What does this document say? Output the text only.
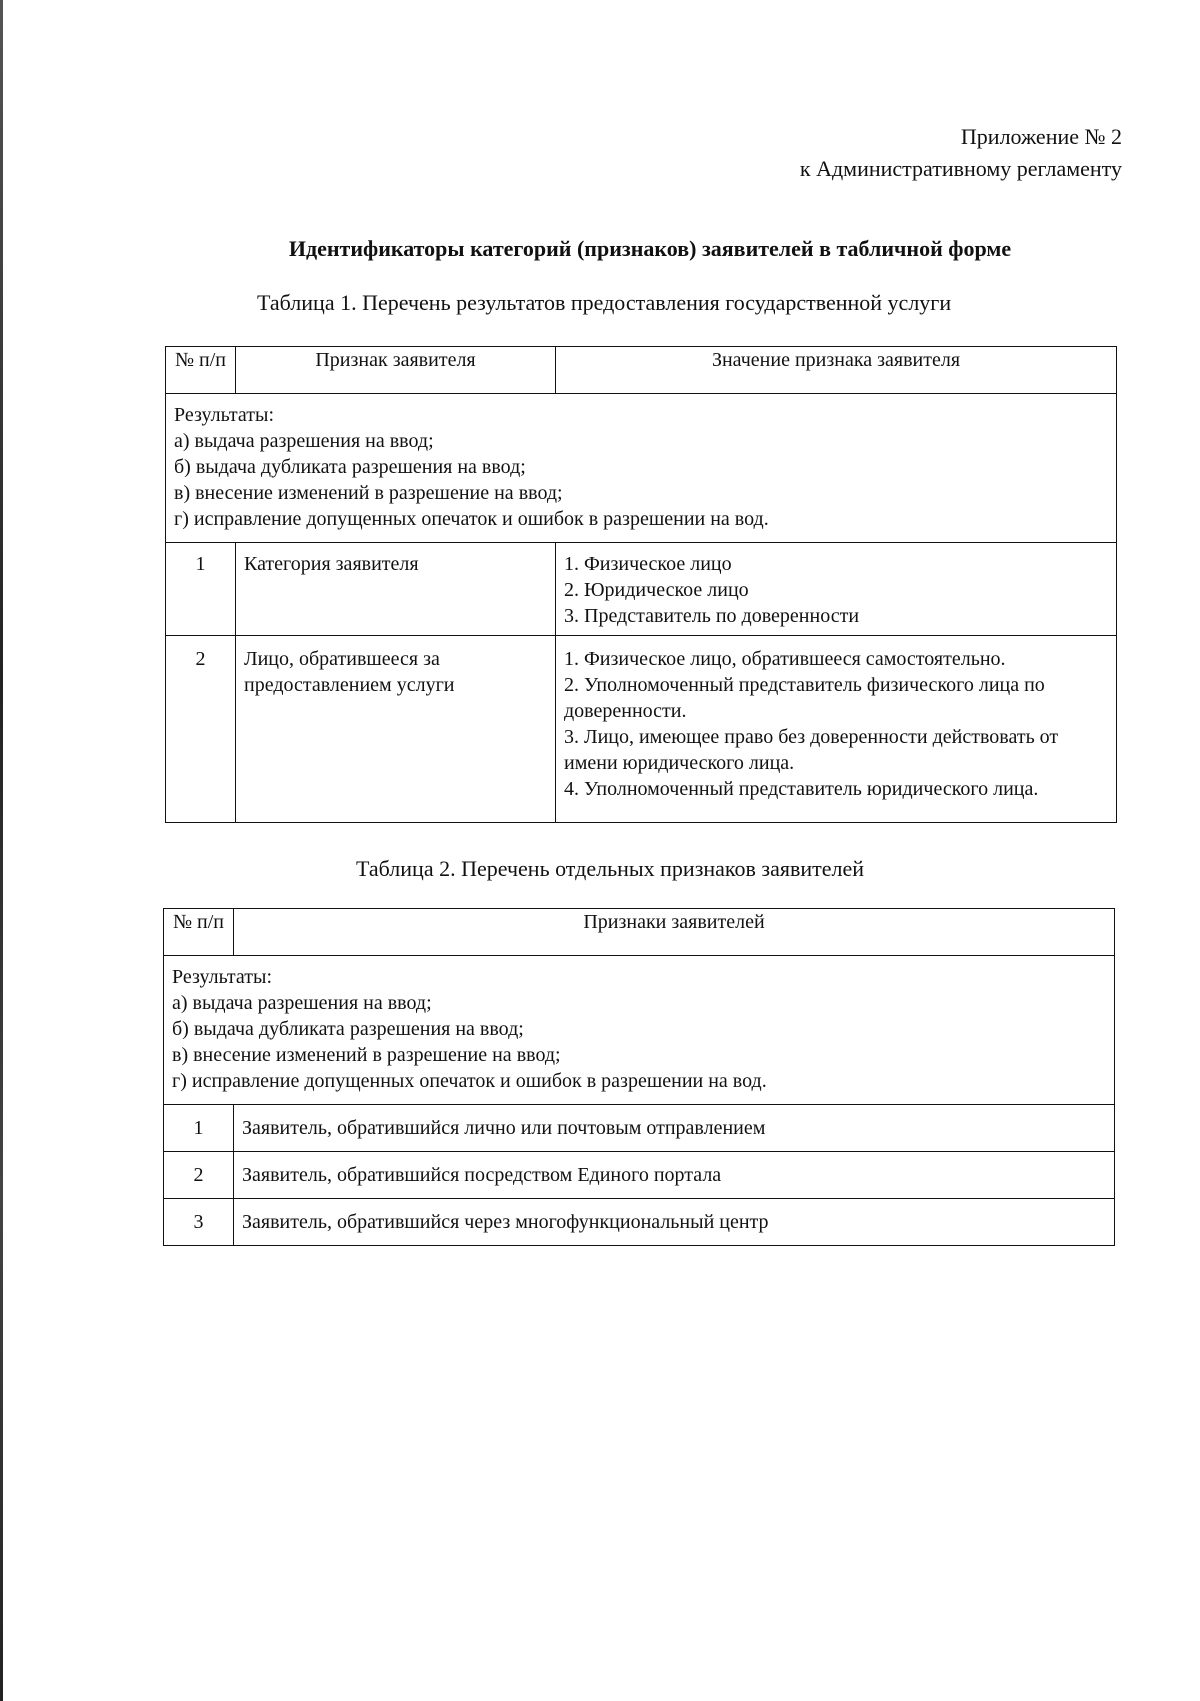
Приложение № 2
к Административному регламенту
Идентификаторы категорий (признаков) заявителей в табличной форме
Таблица 1. Перечень результатов предоставления государственной услуги
№ п/п	Признак заявителя	Значение признака заявителя

Результаты:
а) выдача разрешения на ввод;
б) выдача дубликата разрешения на ввод;
в) внесение изменений в разрешение на ввод;
г) исправление допущенных опечаток и ошибок в разрешении на вод.		

1	Категория заявителя	1. Физическое лицо
2. Юридическое лицо
3. Представитель по доверенности

2	Лицо, обратившееся за предоставлением услуги	1. Физическое лицо, обратившееся самостоятельно.
2. Уполномоченный представитель физического лица по доверенности.
3. Лицо, имеющее право без доверенности действовать от имени юридического лица.
4. Уполномоченный представитель юридического лица.
Таблица 2. Перечень отдельных признаков заявителей
№ п/п	Признаки заявителей

Результаты:
а) выдача разрешения на ввод;
б) выдача дубликата разрешения на ввод;
в) внесение изменений в разрешение на ввод;
г) исправление допущенных опечаток и ошибок в разрешении на вод.	

1	Заявитель, обратившийся лично или почтовым отправлением
2	Заявитель, обратившийся посредством Единого портала
3	Заявитель, обратившийся через многофункциональный центр
